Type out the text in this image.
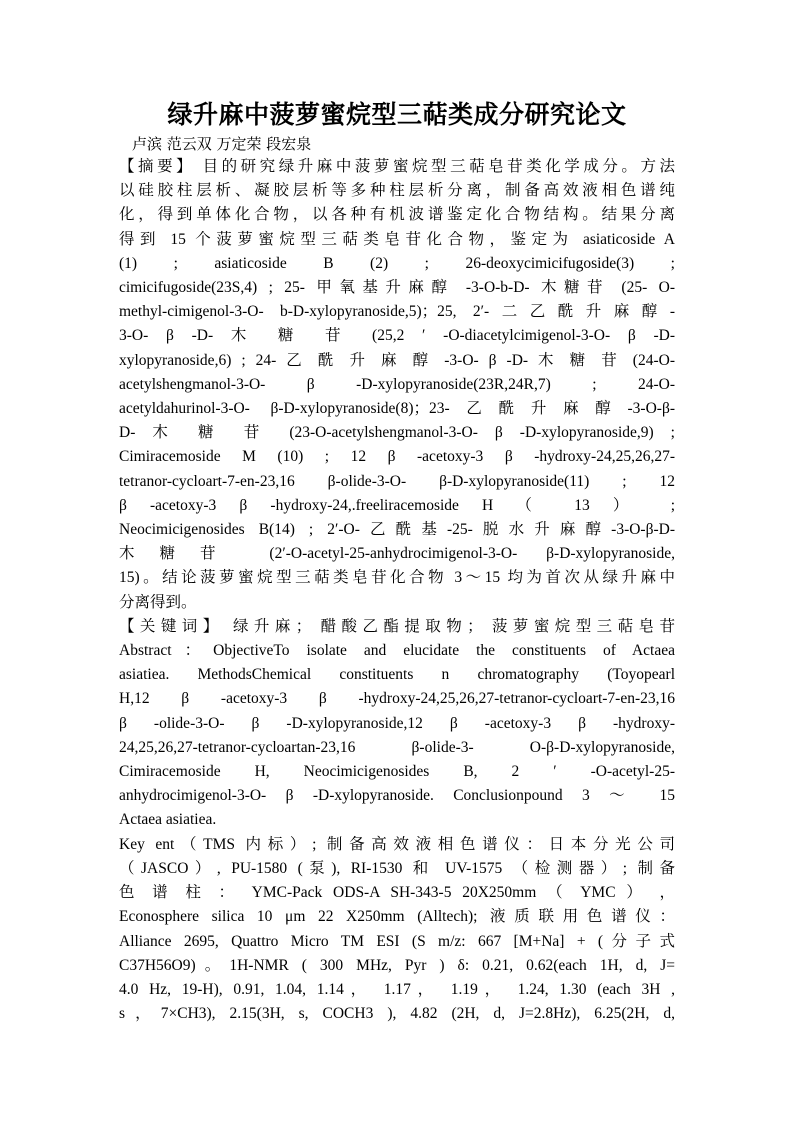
绿升麻中菠萝蜜烷型三萜类成分研究论文
卢滨 范云双 万定荣 段宏泉
【摘要】 目的研究绿升麻中菠萝蜜烷型三萜皂苷类化学成分。方法
以硅胶柱层析、凝胶层析等多种柱层析分离，制备高效液相色谱纯
化，得到单体化合物，以各种有机波谱鉴定化合物结构。结果分离
得到 15 个菠萝蜜烷型三萜类皂苷化合物，鉴定为 asiaticoside A
(1) ; asiaticoside B (2) ; 26-deoxycimicifugoside(3) ;
cimicifugoside(23S,4) ; 25- 甲氧基升麻醇 -3-O-b-D- 木糖苷 (25- O-
methyl-cimigenol-3-O- b-D-xylopyranoside,5)；25, 2′-二乙酰升麻醇-
3-O- β -D- 木 糖 苷 (25,2 ′ -O-diacetylcimigenol-3-O- β -D-
xylopyranoside,6) ; 24- 乙 酰 升 麻 醇 -3-O- β -D- 木 糖 苷 (24-O-
acetylshengmanol-3-O- β -D-xylopyranoside(23R,24R,7) ; 24-O-
acetyldahurinol-3-O- β-D-xylopyranoside(8)；23-乙酰升麻醇-3-O-β-
D- 木 糖 苷 (23-O-acetylshengmanol-3-O- β -D-xylopyranoside,9) ;
Cimiracemoside M (10) ; 12 β -acetoxy-3 β -hydroxy-24,25,26,27-
tetranor-cycloart-7-en-23,16 β-olide-3-O- β-D-xylopyranoside(11) ; 12
β -acetoxy-3 β -hydroxy-24,.freeliracemoside H （ 13 ） ;
Neocimicigenosides B(14) ; 2′-O-乙酰基-25-脱水升麻醇-3-O-β-D-
木糖苷 (2′-O-acetyl-25-anhydrocimigenol-3-O- β-D-xylopyranoside,
15)。结论菠萝蜜烷型三萜类皂苷化合物 3～15 均为首次从绿升麻中
分离得到。
【关键词】 绿升麻； 醋酸乙酯提取物； 菠萝蜜烷型三萜皂苷
Abstract：ObjectiveTo isolate and elucidate the constituents of Actaea
asiatiea. MethodsChemical constituents n chromatography (Toyopearl
H,12 β -acetoxy-3 β -hydroxy-24,25,26,27-tetranor-cycloart-7-en-23,16
β -olide-3-O- β -D-xylopyranoside,12 β -acetoxy-3 β -hydroxy-
24,25,26,27-tetranor-cycloartan-23,16 β-olide-3- O-β-D-xylopyranoside,
Cimiracemoside H, Neocimicigenosides B, 2 ′ -O-acetyl-25-
anhydrocimigenol-3-O- β -D-xylopyranoside. Conclusionpound 3 ～ 15
Actaea asiatiea.
Key ent（TMS 内标）; 制备高效液相色谱仪：日本分光公司
（JASCO）, PU-1580 (泵), RI-1530 和 UV-1575 （检测器）; 制备
色 谱 柱 ： YMC-Pack ODS-A SH-343-5 20X250mm （ YMC ） ，
Econosphere silica 10 μm 22 X250mm (Alltech); 液质联用色谱仪：
Alliance 2695, Quattro Micro TM ESI (S m/z: 667 [M+Na] + (分子式
C37H56O9)。1H-NMR ( 300 MHz, Pyr ) δ: 0.21, 0.62(each 1H, d, J=
4.0 Hz, 19-H), 0.91, 1.04, 1.14， 1.17， 1.19， 1.24, 1.30 (each 3H ,
s，7×CH3), 2.15(3H, s, COCH3 ), 4.82 (2H, d, J=2.8Hz), 6.25(2H, d,
